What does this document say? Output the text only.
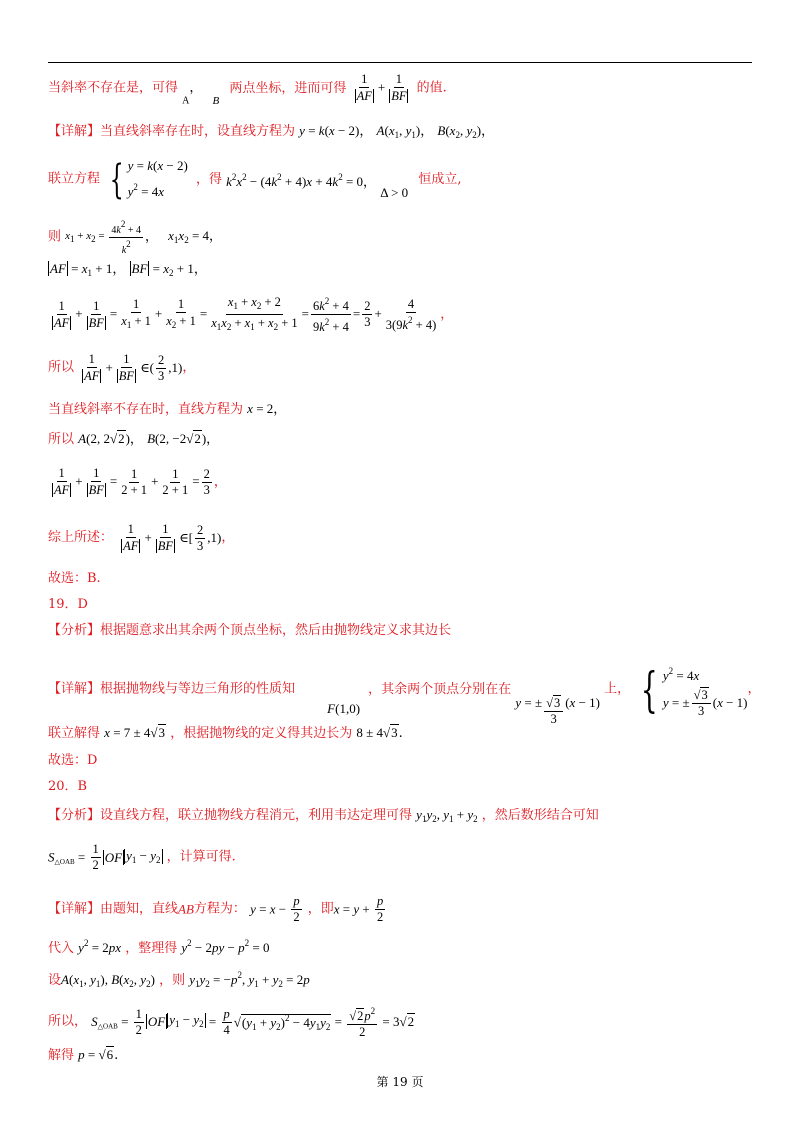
当斜率不存在是，可得 $_A$， $_B$ 两点坐标，进而可得 $\frac{1}{AF} + \frac{1}{BF}$ 的值.
【详解】当直线斜率存在时，设直线方程为 y = k(x − 2)， $A(x_1$, $y_1$)， $B(x_2$, $y_2$)，
联立方程 { y = k(x − 2)
$y^2 = 4x$
，得 $k^2x^2 - (4k^2 + 4)x + 4k^2 = 0$， Δ > 0 恒成立,
则 $x_1 + x_2 = \frac{4k2 + 4}{k2}$ ， $x_1x_2 = 4$，
AF = $x_1 + 1$， BF = $x_2 + 1$，
$\frac{1}{AF} + \frac{1}{BF} = \frac{1}{x_1 + 1} + \frac{1}{x_2 + 1} = \frac{x_1 + x_2 + 2}{x_1x_2 + x_1 + x_2 + 1} = \frac{6k^2 + 4}{9k^2 + 4} = \frac{2}{3} + \frac{4}{3(9k^2 + 4)}$ ，
所以 $\frac{1}{AF} + \frac{1}{BF}$ ∈( $\frac{2}{3} ,1$)，
当直线斜率不存在时，直线方程为 x = 2，
所以 A(2, 2√2)， B(2, −2√2)，
$\frac{1}{AF} + \frac{1}{BF} = \frac{1}{2 + 1} + \frac{1}{2 + 1} = \frac{2}{3}$ ，
综上所述： $\frac{1}{AF} + \frac{1}{BF}$ ∈[ $\frac{2}{3} ,1$)，
故选：B.
19．D
【分析】根据题意求出其余两个顶点坐标，然后由抛物线定义求其边长
【详解】根据抛物线与等边三角形的性质知 F(1,0) ，其余两个顶点分别在在 y = ± $\frac{√3}{3} (x - 1)$ 上， { $y^2 = 4x$
y = ± $\frac{√3}{3} (x - 1)$
，
联立解得 x = 7 ± 4√3 ，根据抛物线的定义得其边长为 8 ± 4√3.
故选：D
20．B
【分析】设直线方程，联立抛物线方程消元，利用韦达定理可得 $y_1y_2$, $y_1 + y_2$ ，然后数形结合可知
$S_{\triangle OAB} = \frac{1}{2}$ OF $y_1 - y_2$ ，计算可得.
【详解】由题知，直线AB方程为： $y = x - \frac{p}{2}$ ，即$x = y + \frac{p}{2}$
代入 $y^2 = 2px$ ，整理得 $y^2 - 2py - p^2 = 0$
设$A(x_1$, $y_1$), $B(x_2$, $y_2$) ，则 $y_1y_2 = -p^2$, $y_1 + y_2 = 2p$
所以， $S_{\triangle OAB} = \frac{1}{2}$ OF $y_1 - y_2 = \frac{p}{4} √(y_1 + y_2)^2 - 4y_1y_2 = \frac{√2p^2}{2} = 3√2$
解得 p = √6.
第 19 页
